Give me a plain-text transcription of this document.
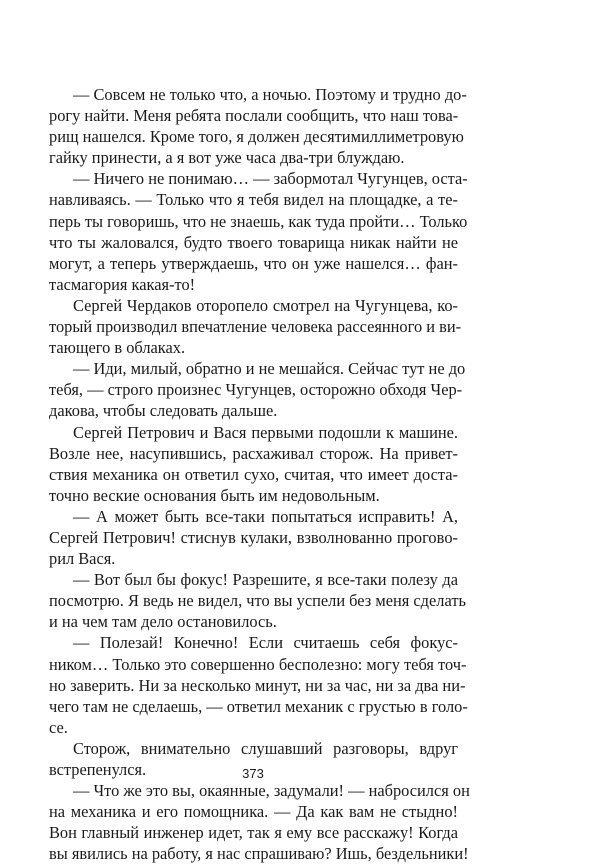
— Совсем не только что, а ночью. Поэтому и трудно до-
рогу найти. Меня ребята послали сообщить, что наш това-
рищ нашелся. Кроме того, я должен десятимиллиметровую
гайку принести, а я вот уже часа два-три блуждаю.
— Ничего не понимаю… — забормотал Чугунцев, оста-
навливаясь. — Только что я тебя видел на площадке, а те-
перь ты говоришь, что не знаешь, как туда пройти… Только
что ты жаловался, будто твоего товарища никак найти не
могут, а теперь утверждаешь, что он уже нашелся… фан-
тасмагория какая-то!
Сергей Чердаков оторопело смотрел на Чугунцева, ко-
торый производил впечатление человека рассеянного и ви-
тающего в облаках.
— Иди, милый, обратно и не мешайся. Сейчас тут не до
тебя, — строго произнес Чугунцев, осторожно обходя Чер-
дакова, чтобы следовать дальше.
Сергей Петрович и Вася первыми подошли к машине.
Возле нее, насупившись, расхаживал сторож. На привет-
ствия механика он ответил сухо, считая, что имеет доста-
точно веские основания быть им недовольным.
— А может быть все-таки попытаться исправить! А,
Сергей Петрович! стиснув кулаки, взволнованно проговo-
рил Вася.
— Вот был бы фокус! Разрешите, я все-таки полезу да
посмотрю. Я ведь не видел, что вы успели без меня сделать
и на чем там дело остановилось.
— Полезай! Конечно! Если считаешь себя фокус-
ником… Только это совершенно бесполезно: могу тебя точ-
но заверить. Ни за несколько минут, ни за час, ни за два ни-
чего там не сделаешь, — ответил механик с грустью в голо-
се.
Сторож, внимательно слушавший разговоры, вдруг
встрепенулся.
— Что же это вы, окаянные, задумали! — набросился он
на механика и его помощника. — Да как вам не стыдно!
Вон главный инженер идет, так я ему все расскажу! Когда
вы явились на работу, я нас спрашиваю? Ишь, бездельники!
373
